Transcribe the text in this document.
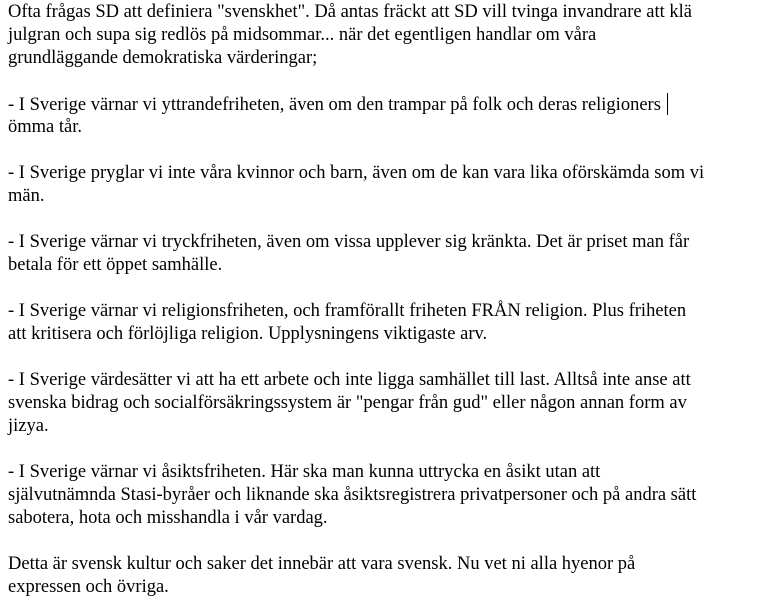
Ofta frågas SD att definiera "svenskhet". Då antas fräckt att SD vill tvinga invandrare att klä
julgran och supa sig redlös på midsommar... när det egentligen handlar om våra
grundläggande demokratiska värderingar;

- I Sverige värnar vi yttrandefriheten, även om den trampar på folk och deras religioners
ömma tår.

- I Sverige pryglar vi inte våra kvinnor och barn, även om de kan vara lika oförskämda som vi
män.

- I Sverige värnar vi tryckfriheten, även om vissa upplever sig kränkta. Det är priset man får
betala för ett öppet samhälle.

- I Sverige värnar vi religionsfriheten, och framförallt friheten FRÅN religion. Plus friheten
att kritisera och förlöjliga religion. Upplysningens viktigaste arv.

- I Sverige värdesätter vi att ha ett arbete och inte ligga samhället till last. Alltså inte anse att
svenska bidrag och socialförsäkringssystem är "pengar från gud" eller någon annan form av
jizya.

- I Sverige värnar vi åsiktsfriheten. Här ska man kunna uttrycka en åsikt utan att
självutnämnda Stasi-byråer och liknande ska åsiktsregistrera privatpersoner och på andra sätt
sabotera, hota och misshandla i vår vardag.

Detta är svensk kultur och saker det innebär att vara svensk. Nu vet ni alla hyenor på
expressen och övriga.
